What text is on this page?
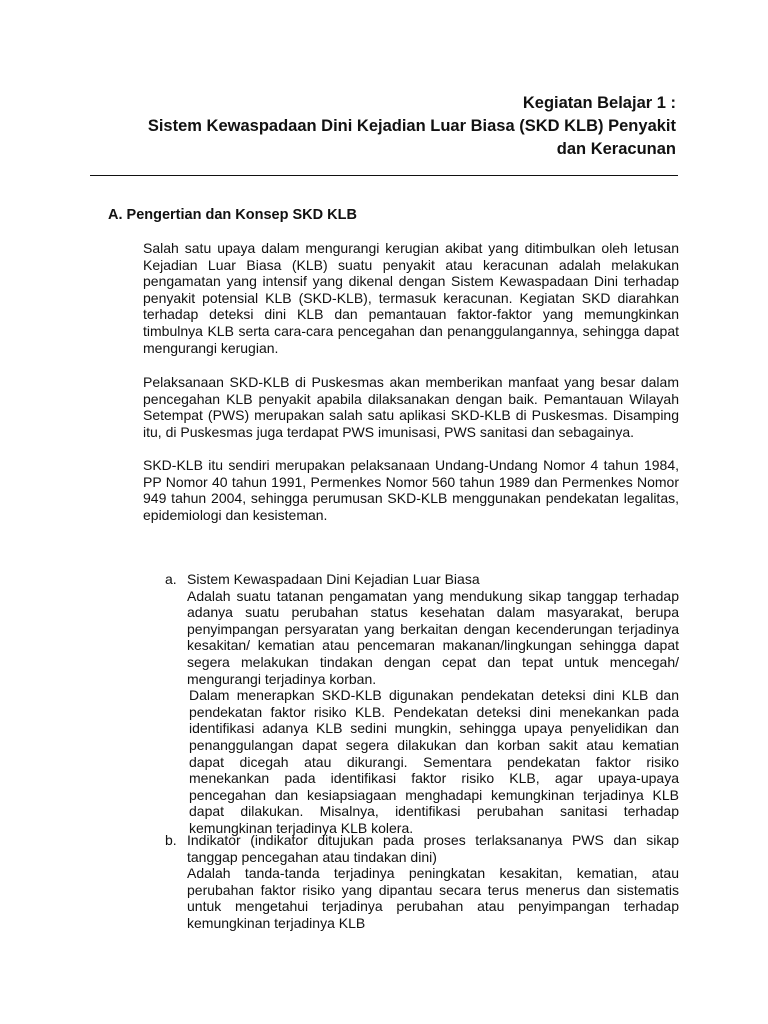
Kegiatan Belajar 1 :
Sistem Kewaspadaan Dini Kejadian Luar Biasa (SKD KLB) Penyakit
dan Keracunan
A. Pengertian dan Konsep SKD KLB

Salah satu upaya dalam mengurangi kerugian akibat yang ditimbulkan oleh letusan Kejadian Luar Biasa (KLB) suatu penyakit atau keracunan adalah melakukan pengamatan yang intensif yang dikenal dengan Sistem Kewaspadaan Dini terhadap penyakit potensial KLB (SKD-KLB), termasuk keracunan. Kegiatan SKD diarahkan terhadap deteksi dini KLB dan pemantauan faktor-faktor yang memungkinkan timbulnya KLB serta cara-cara pencegahan dan penanggulangannya, sehingga dapat mengurangi kerugian.

Pelaksanaan SKD-KLB di Puskesmas akan memberikan manfaat yang besar dalam pencegahan KLB penyakit apabila dilaksanakan dengan baik. Pemantauan Wilayah Setempat (PWS) merupakan salah satu aplikasi SKD-KLB di Puskesmas. Disamping itu, di Puskesmas juga terdapat PWS imunisasi, PWS sanitasi dan sebagainya.

SKD-KLB itu sendiri merupakan pelaksanaan Undang-Undang Nomor 4 tahun 1984, PP Nomor 40 tahun 1991, Permenkes Nomor 560 tahun 1989 dan Permenkes Nomor 949 tahun 2004, sehingga perumusan SKD-KLB menggunakan pendekatan legalitas, epidemiologi dan kesisteman.

a. Sistem Kewaspadaan Dini Kejadian Luar Biasa

Adalah suatu tatanan pengamatan yang mendukung sikap tanggap terhadap adanya suatu perubahan status kesehatan dalam masyarakat, berupa penyimpangan persyaratan yang berkaitan dengan kecenderungan terjadinya kesakitan/ kematian atau pencemaran makanan/lingkungan sehingga dapat segera melakukan tindakan dengan cepat dan tepat untuk mencegah/ mengurangi terjadinya korban.

Dalam menerapkan SKD-KLB digunakan pendekatan deteksi dini KLB dan pendekatan faktor risiko KLB. Pendekatan deteksi dini menekankan pada identifikasi adanya KLB sedini mungkin, sehingga upaya penyelidikan dan penanggulangan dapat segera dilakukan dan korban sakit atau kematian dapat dicegah atau dikurangi. Sementara pendekatan faktor risiko menekankan pada identifikasi faktor risiko KLB, agar upaya-upaya pencegahan dan kesiapsiagaan menghadapi kemungkinan terjadinya KLB dapat dilakukan. Misalnya, identifikasi perubahan sanitasi terhadap kemungkinan terjadinya KLB kolera.

b. Indikator (indikator ditujukan pada proses terlaksananya PWS dan sikap tanggap pencegahan atau tindakan dini)

Adalah tanda-tanda terjadinya peningkatan kesakitan, kematian, atau perubahan faktor risiko yang dipantau secara terus menerus dan sistematis untuk mengetahui terjadinya perubahan atau penyimpangan terhadap kemungkinan terjadinya KLB
